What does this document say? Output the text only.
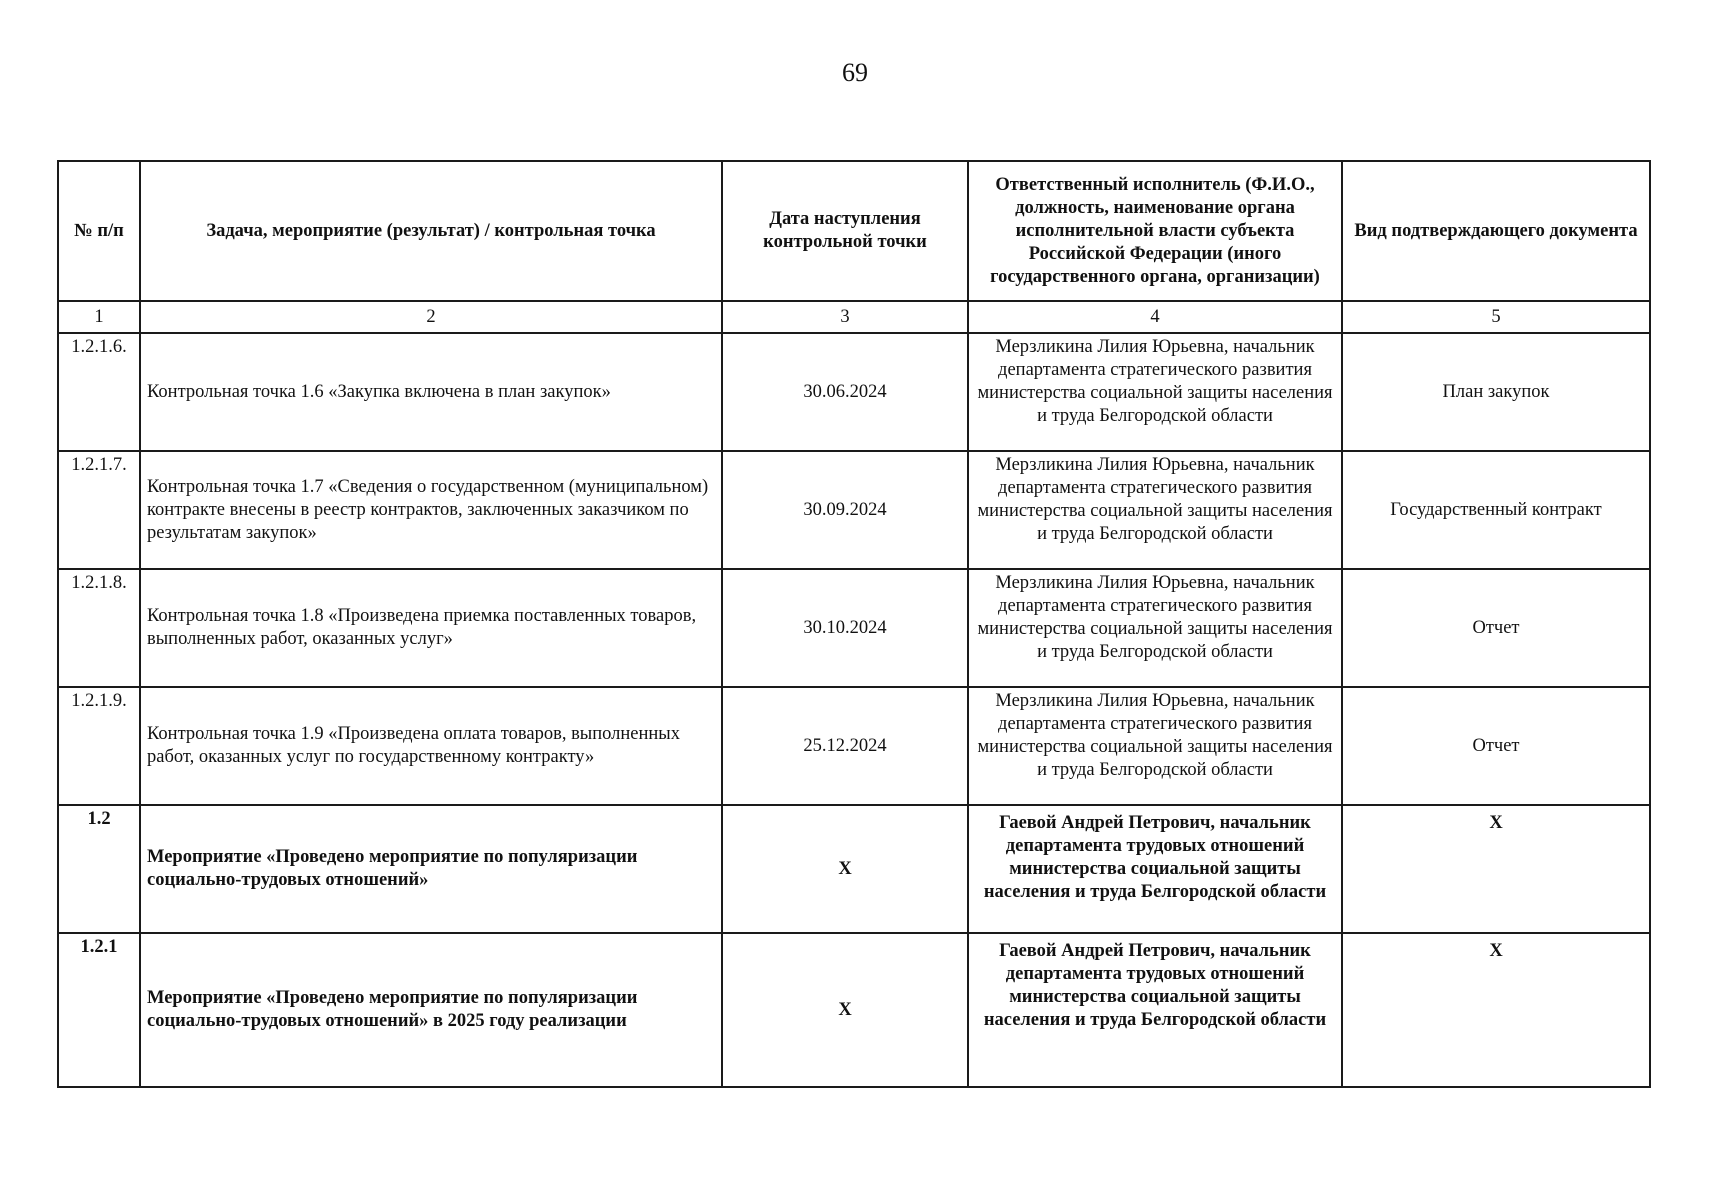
69
№ п/п	Задача, мероприятие (результат) / контрольная точка	Дата наступления контрольной точки	Ответственный исполнитель (Ф.И.О., должность, наименование органа исполнительной власти субъекта Российской Федерации (иного государственного органа, организации)	Вид подтверждающего документа
1	2	3	4	5
1.2.1.6.	Контрольная точка 1.6 «Закупка включена в план закупок»	30.06.2024	Мерзликина Лилия Юрьевна, начальник департамента стратегического развития министерства социальной защиты населения и труда Белгородской области	План закупок
1.2.1.7.	Контрольная точка 1.7 «Сведения о государственном (муниципальном) контракте внесены в реестр контрактов, заключенных заказчиком по результатам закупок»	30.09.2024	Мерзликина Лилия Юрьевна, начальник департамента стратегического развития министерства социальной защиты населения и труда Белгородской области	Государственный контракт
1.2.1.8.	Контрольная точка 1.8 «Произведена приемка поставленных товаров, выполненных работ, оказанных услуг»	30.10.2024	Мерзликина Лилия Юрьевна, начальник департамента стратегического развития министерства социальной защиты населения и труда Белгородской области	Отчет
1.2.1.9.	Контрольная точка 1.9 «Произведена оплата товаров, выполненных работ, оказанных услуг по государственному контракту»	25.12.2024	Мерзликина Лилия Юрьевна, начальник департамента стратегического развития министерства социальной защиты населения и труда Белгородской области	Отчет
1.2	Мероприятие «Проведено мероприятие по популяризации социально-трудовых отношений»	X	Гаевой Андрей Петрович, начальник департамента трудовых отношений министерства социальной защиты населения и труда Белгородской области	X
1.2.1	Мероприятие «Проведено мероприятие по популяризации социально-трудовых отношений» в 2025 году реализации	X	Гаевой Андрей Петрович, начальник департамента трудовых отношений министерства социальной защиты населения и труда Белгородской области	X
